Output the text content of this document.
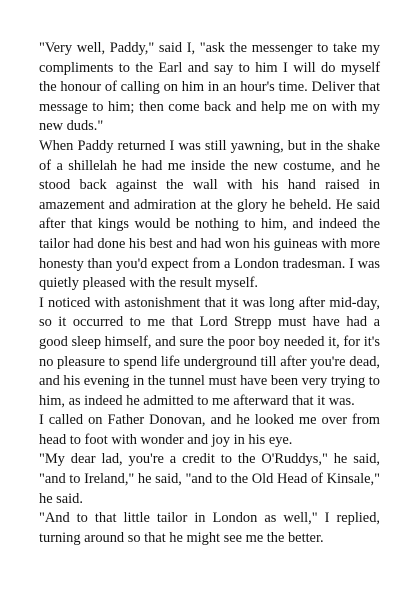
"Very well, Paddy," said I, "ask the messenger to take my compliments to the Earl and say to him I will do myself the honour of calling on him in an hour's time. Deliver that message to him; then come back and help me on with my new duds."

When Paddy returned I was still yawning, but in the shake of a shillelah he had me inside the new costume, and he stood back against the wall with his hand raised in amazement and admiration at the glory he beheld. He said after that kings would be nothing to him, and indeed the tailor had done his best and had won his guineas with more honesty than you'd expect from a London tradesman. I was quietly pleased with the result myself.

I noticed with astonishment that it was long after mid-day, so it occurred to me that Lord Strepp must have had a good sleep himself, and sure the poor boy needed it, for it's no pleasure to spend life underground till after you're dead, and his evening in the tunnel must have been very trying to him, as indeed he admitted to me afterward that it was.

I called on Father Donovan, and he looked me over from head to foot with wonder and joy in his eye.

"My dear lad, you're a credit to the O'Ruddys," he said, "and to Ireland," he said, "and to the Old Head of Kinsale," he said.

"And to that little tailor in London as well," I replied, turning around so that he might see me the better.
